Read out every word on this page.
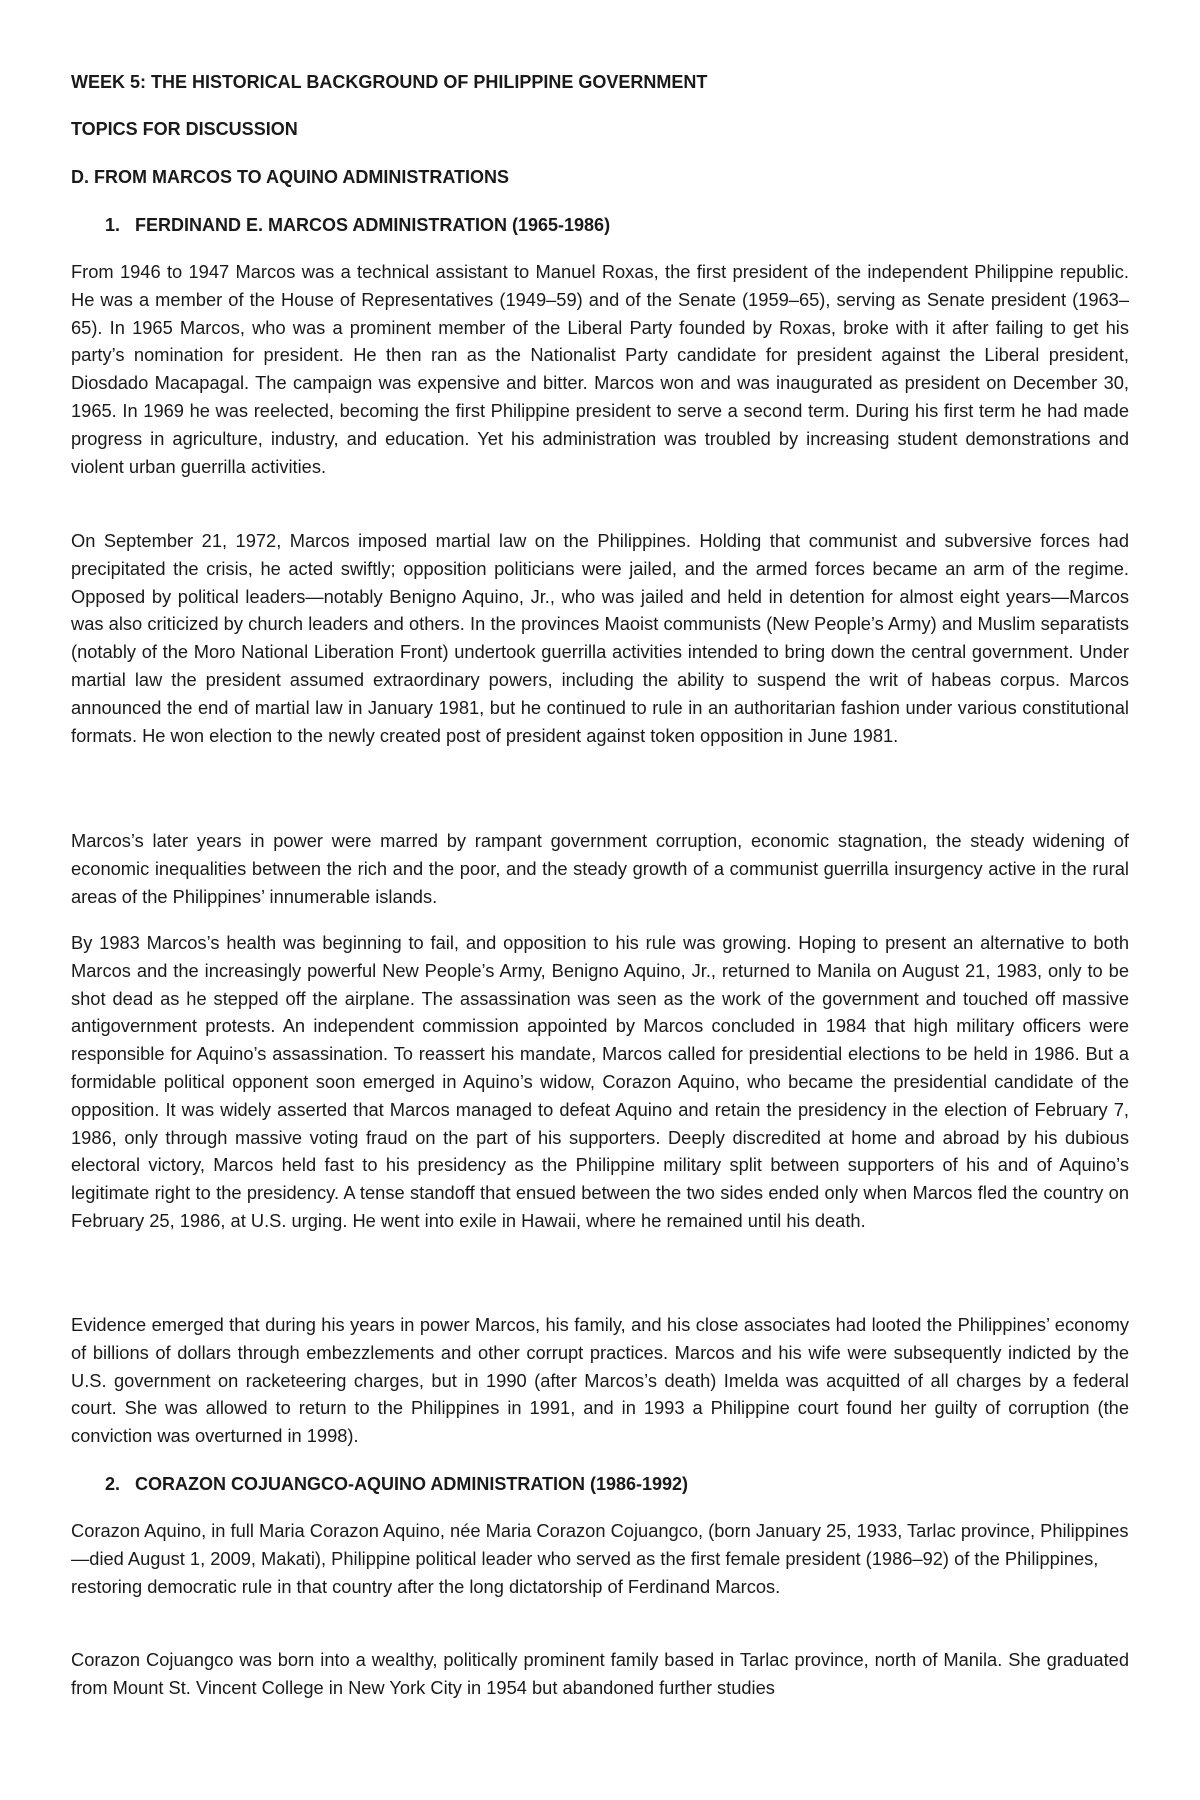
WEEK 5: THE HISTORICAL BACKGROUND OF PHILIPPINE GOVERNMENT
TOPICS FOR DISCUSSION
D. FROM MARCOS TO AQUINO ADMINISTRATIONS
1. FERDINAND E. MARCOS ADMINISTRATION (1965-1986)

From 1946 to 1947 Marcos was a technical assistant to Manuel Roxas, the first president of the independent Philippine republic. He was a member of the House of Representatives (1949–59) and of the Senate (1959–65), serving as Senate president (1963–65). In 1965 Marcos, who was a prominent member of the Liberal Party founded by Roxas, broke with it after failing to get his party’s nomination for president. He then ran as the Nationalist Party candidate for president against the Liberal president, Diosdado Macapagal. The campaign was expensive and bitter. Marcos won and was inaugurated as president on December 30, 1965. In 1969 he was reelected, becoming the first Philippine president to serve a second term. During his first term he had made progress in agriculture, industry, and education. Yet his administration was troubled by increasing student demonstrations and violent urban guerrilla activities.

On September 21, 1972, Marcos imposed martial law on the Philippines. Holding that communist and subversive forces had precipitated the crisis, he acted swiftly; opposition politicians were jailed, and the armed forces became an arm of the regime. Opposed by political leaders—notably Benigno Aquino, Jr., who was jailed and held in detention for almost eight years—Marcos was also criticized by church leaders and others. In the provinces Maoist communists (New People’s Army) and Muslim separatists (notably of the Moro National Liberation Front) undertook guerrilla activities intended to bring down the central government. Under martial law the president assumed extraordinary powers, including the ability to suspend the writ of habeas corpus. Marcos announced the end of martial law in January 1981, but he continued to rule in an authoritarian fashion under various constitutional formats. He won election to the newly created post of president against token opposition in June 1981.

Marcos’s later years in power were marred by rampant government corruption, economic stagnation, the steady widening of economic inequalities between the rich and the poor, and the steady growth of a communist guerrilla insurgency active in the rural areas of the Philippines’ innumerable islands.

By 1983 Marcos’s health was beginning to fail, and opposition to his rule was growing. Hoping to present an alternative to both Marcos and the increasingly powerful New People’s Army, Benigno Aquino, Jr., returned to Manila on August 21, 1983, only to be shot dead as he stepped off the airplane. The assassination was seen as the work of the government and touched off massive antigovernment protests. An independent commission appointed by Marcos concluded in 1984 that high military officers were responsible for Aquino’s assassination. To reassert his mandate, Marcos called for presidential elections to be held in 1986. But a formidable political opponent soon emerged in Aquino’s widow, Corazon Aquino, who became the presidential candidate of the opposition. It was widely asserted that Marcos managed to defeat Aquino and retain the presidency in the election of February 7, 1986, only through massive voting fraud on the part of his supporters. Deeply discredited at home and abroad by his dubious electoral victory, Marcos held fast to his presidency as the Philippine military split between supporters of his and of Aquino’s legitimate right to the presidency. A tense standoff that ensued between the two sides ended only when Marcos fled the country on February 25, 1986, at U.S. urging. He went into exile in Hawaii, where he remained until his death.

Evidence emerged that during his years in power Marcos, his family, and his close associates had looted the Philippines’ economy of billions of dollars through embezzlements and other corrupt practices. Marcos and his wife were subsequently indicted by the U.S. government on racketeering charges, but in 1990 (after Marcos’s death) Imelda was acquitted of all charges by a federal court. She was allowed to return to the Philippines in 1991, and in 1993 a Philippine court found her guilty of corruption (the conviction was overturned in 1998).

2. CORAZON COJUANGCO-AQUINO ADMINISTRATION (1986-1992)

Corazon Aquino, in full Maria Corazon Aquino, née Maria Corazon Cojuangco, (born January 25, 1933, Tarlac province, Philippines—died August 1, 2009, Makati), Philippine political leader who served as the first female president (1986–92) of the Philippines, restoring democratic rule in that country after the long dictatorship of Ferdinand Marcos.

Corazon Cojuangco was born into a wealthy, politically prominent family based in Tarlac province, north of Manila. She graduated from Mount St. Vincent College in New York City in 1954 but abandoned further studies
